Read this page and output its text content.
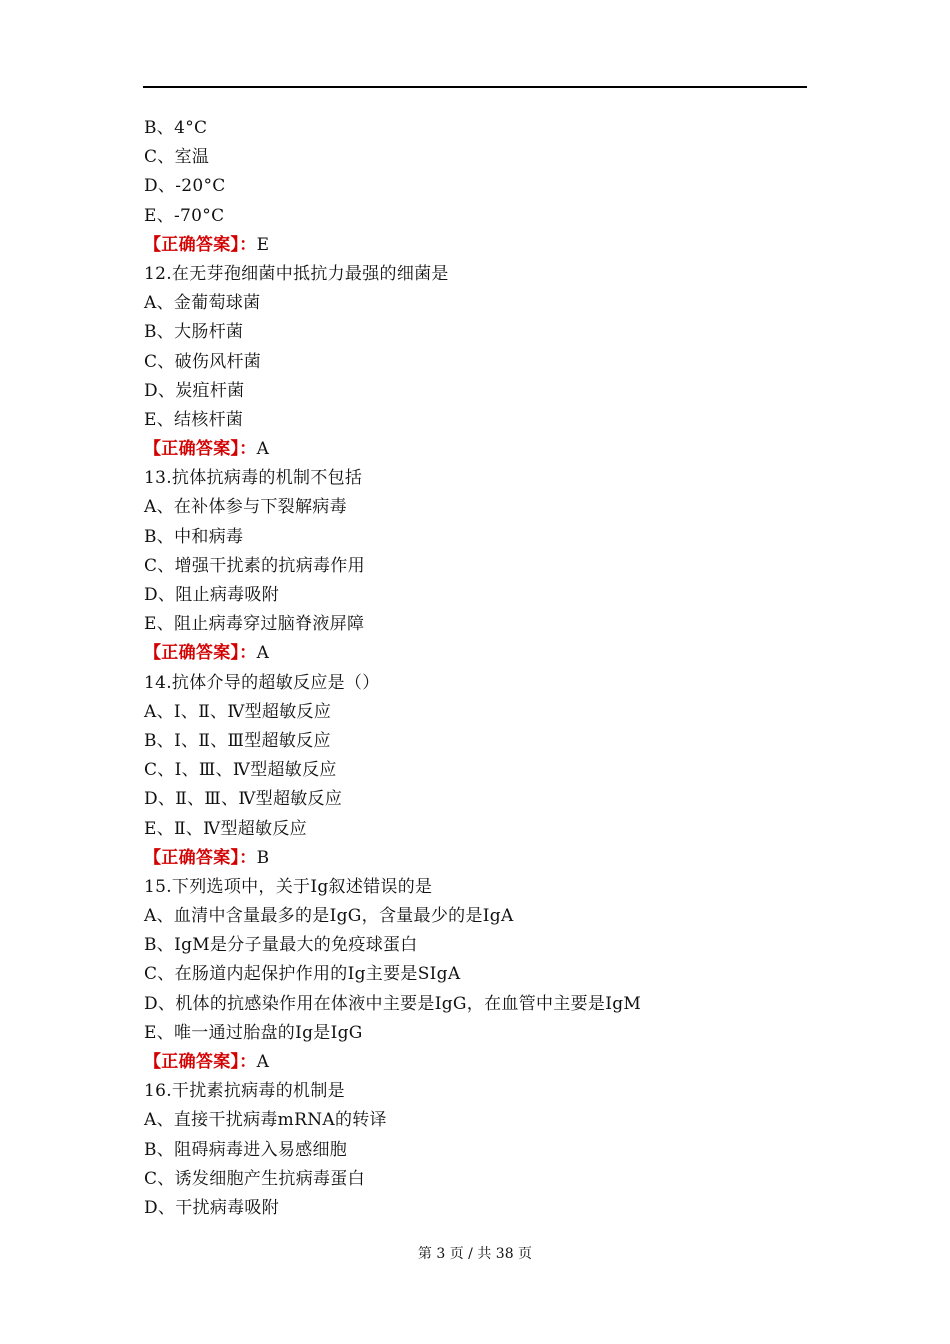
B、4°C
C、室温
D、-20°C
E、-70°C
【正确答案】：E
12.在无芽孢细菌中抵抗力最强的细菌是
A、金葡萄球菌
B、大肠杆菌
C、破伤风杆菌
D、炭疽杆菌
E、结核杆菌
【正确答案】：A
13.抗体抗病毒的机制不包括
A、在补体参与下裂解病毒
B、中和病毒
C、增强干扰素的抗病毒作用
D、阻止病毒吸附
E、阻止病毒穿过脑脊液屏障
【正确答案】：A
14.抗体介导的超敏反应是（）
A、Ⅰ、Ⅱ、Ⅳ型超敏反应
B、Ⅰ、Ⅱ、Ⅲ型超敏反应
C、Ⅰ、Ⅲ、Ⅳ型超敏反应
D、Ⅱ、Ⅲ、Ⅳ型超敏反应
E、Ⅱ、Ⅳ型超敏反应
【正确答案】：B
15.下列选项中，关于Ig叙述错误的是
A、血清中含量最多的是IgG，含量最少的是IgA
B、IgM是分子量最大的免疫球蛋白
C、在肠道内起保护作用的Ig主要是SIgA
D、机体的抗感染作用在体液中主要是IgG，在血管中主要是IgM
E、唯一通过胎盘的Ig是IgG
【正确答案】：A
16.干扰素抗病毒的机制是
A、直接干扰病毒mRNA的转译
B、阻碍病毒进入易感细胞
C、诱发细胞产生抗病毒蛋白
D、干扰病毒吸附
第 3 页 / 共 38 页
